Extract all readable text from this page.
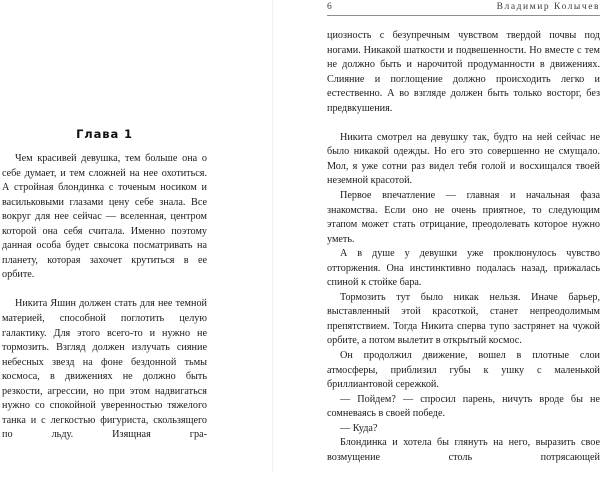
Глава 1

Чем красивей девушка, тем больше она о себе думает, и тем сложней на нее охотиться. А стройная блондинка с точеным носиком и васильковыми глазами цену себе знала. Все вокруг для нее сейчас — вселенная, центром которой она себя считала. Именно поэтому данная особа будет свысока посматривать на планету, которая захочет крутиться в ее орбите.

Никита Яшин должен стать для нее темной материей, способной поглотить целую галактику. Для этого всего-то и нужно не тормозить. Взгляд должен излучать сияние небесных звезд на фоне бездонной тьмы космоса, в движениях не должно быть резкости, агрессии, но при этом надвигаться нужно со спокойной уверенностью тяжелого танка и с легкостью фигуриста, скользящего по льду. Изящная гра-

6	Владимир Колычев

циозность с безупречным чувством твердой почвы под ногами. Никакой шаткости и подвешенности. Но вместе с тем не должно быть и нарочитой продуманности в движениях. Слияние и поглощение должно происходить легко и естественно. А во взгляде должен быть только восторг, без предвкушения.

Никита смотрел на девушку так, будто на ней сейчас не было никакой одежды. Но его это совершенно не смущало. Мол, я уже сотни раз видел тебя голой и восхищался твоей неземной красотой.

Первое впечатление — главная и начальная фаза знакомства. Если оно не очень приятное, то следующим этапом может стать отрицание, преодолевать которое нужно уметь.

А в душе у девушки уже проклюнулось чувство отторжения. Она инстинктивно подалась назад, прижалась спиной к стойке бара.

Тормозить тут было никак нельзя. Иначе барьер, выставленный этой красоткой, станет непреодолимым препятствием. Тогда Никита сперва тупо застрянет на чужой орбите, а потом вылетит в открытый космос.

Он продолжил движение, вошел в плотные слои атмосферы, приблизил губы к ушку с маленькой бриллиантовой сережкой.

— Пойдем? — спросил парень, ничуть вроде бы не сомневаясь в своей победе.

— Куда?

Блондинка и хотела бы глянуть на него, выразить свое возмущение столь потрясающей
